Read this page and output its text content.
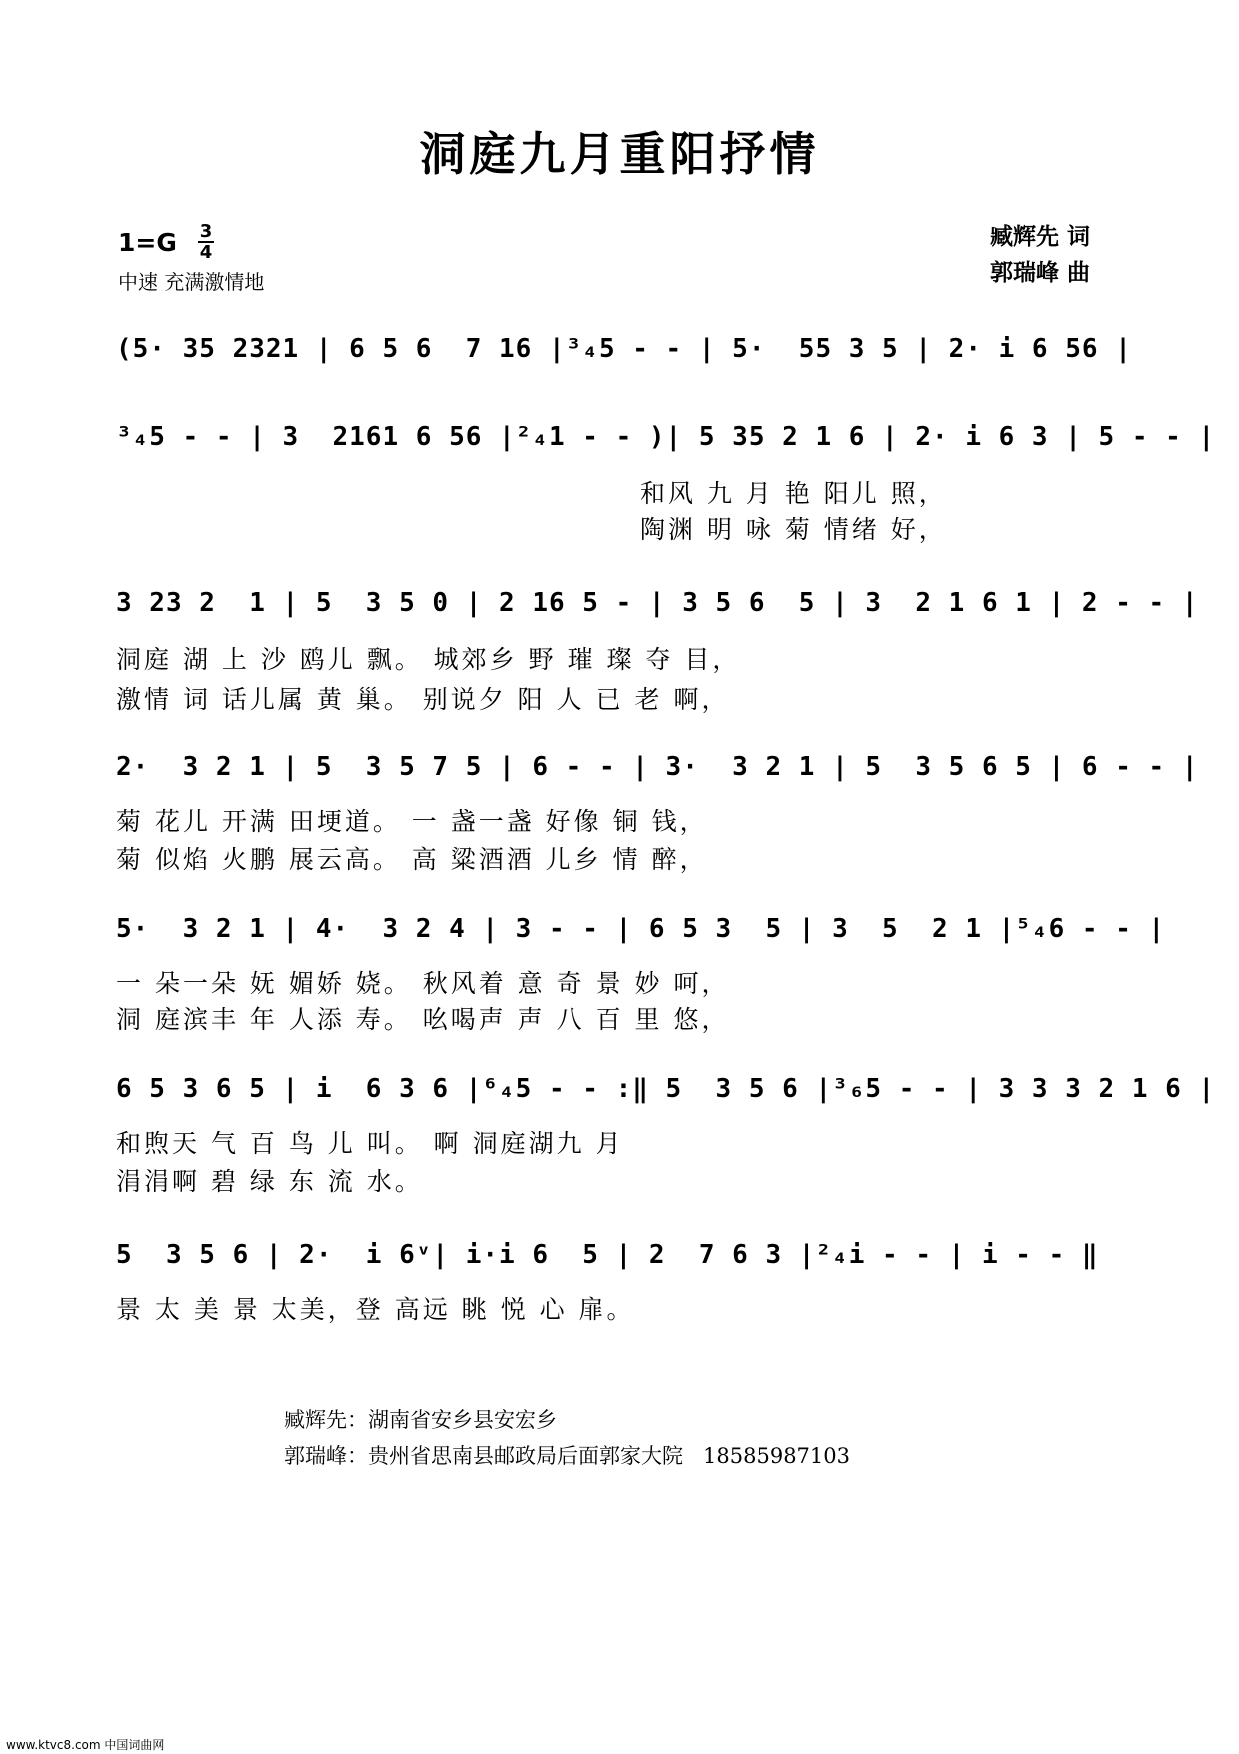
洞庭九月重阳抒情
1=G 3
4
中速 充满激情地
臧辉先 词
郭瑞峰 曲
(5· 35 2321 | 6 5 6  7 16 |³₄5 - - | 5·  55 3 5 | 2· i 6 56 |
³₄5 - - | 3  2161 6 56 |²₄1 - - )| 5 35 2 1 6 | 2· i 6 3 | 5 - - |
和风 九 月 艳 阳儿 照，
陶渊 明 咏 菊 情绪 好，
3 23 2  1 | 5  3 5 0 | 2 16 5 - | 3 5 6  5 | 3  2 1 6 1 | 2 - - |
洞庭 湖 上 沙 鸥儿 飘。 城郊乡 野 璀 璨 夺 目，
激情 词 话儿属 黄 巢。 别说夕 阳 人 已 老 啊，
2·  3 2 1 | 5  3 5 7 5 | 6 - - | 3·  3 2 1 | 5  3 5 6 5 | 6 - - |
菊 花儿 开满 田埂道。 一 盏一盏 好像 铜 钱，
菊 似焰 火鹏 展云高。 高 粱酒酒 儿乡 情 醉，
5·  3 2 1 | 4·  3 2 4 | 3 - - | 6 5 3  5 | 3  5  2 1 |⁵₄6 - - |
一 朵一朵 妩 媚娇 娆。 秋风着 意 奇 景 妙 呵，
洞 庭滨丰 年 人添 寿。 吆喝声 声 八 百 里 悠，
6 5 3 6 5 | i  6 3 6 |⁶₄5 - - :‖ 5  3 5 6 |³₆5 - - | 3 3 3 2 1 6 |
和煦天 气 百 鸟 儿 叫。 啊 洞庭湖九 月
涓涓啊 碧 绿 东 流 水。
5  3 5 6 | 2·  i 6ᵛ| i·i 6  5 | 2  7 6 3 |²₄i - - | i - - ‖
景 太 美 景 太美，登 高远 眺 悦 心 扉。
臧辉先：湖南省安乡县安宏乡
郭瑞峰：贵州省思南县邮政局后面郭家大院   18585987103
www.ktvc8.com 中国词曲网
